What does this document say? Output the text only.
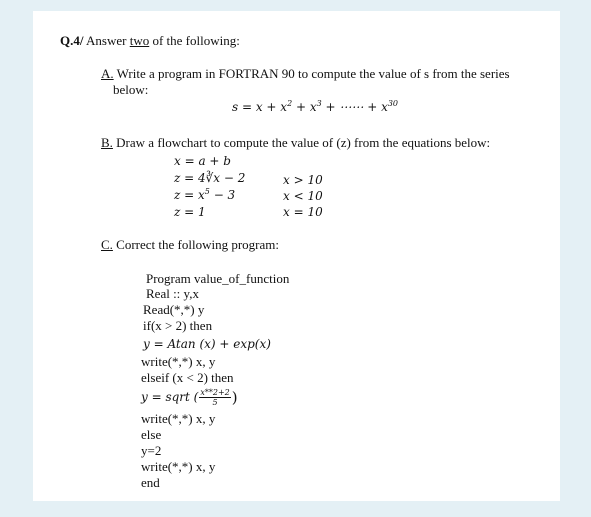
Q.4/ Answer two of the following:
A. Write a program in FORTRAN 90 to compute the value of s from the series
below:
$s = x + x^2 + x^3$ + ⋯⋯ + $x^{30}$
B. Draw a flowchart to compute the value of (z) from the equations below:
x = a + b
z = 4∛x − 2	x > 10
$z = x^5 - 3$	x < 10
z = 1	x = 10
C. Correct the following program:
Program value_of_function
Real :: y,x
Read(*,*) y
if(x > 2) then
y = Atan (x) + exp(x)
write(*,*) x, y
elseif (x < 2) then
y = sqrt ( $\frac{x**2+2}{5}$ )
write(*,*) x, y
else
y=2
write(*,*) x, y
end
